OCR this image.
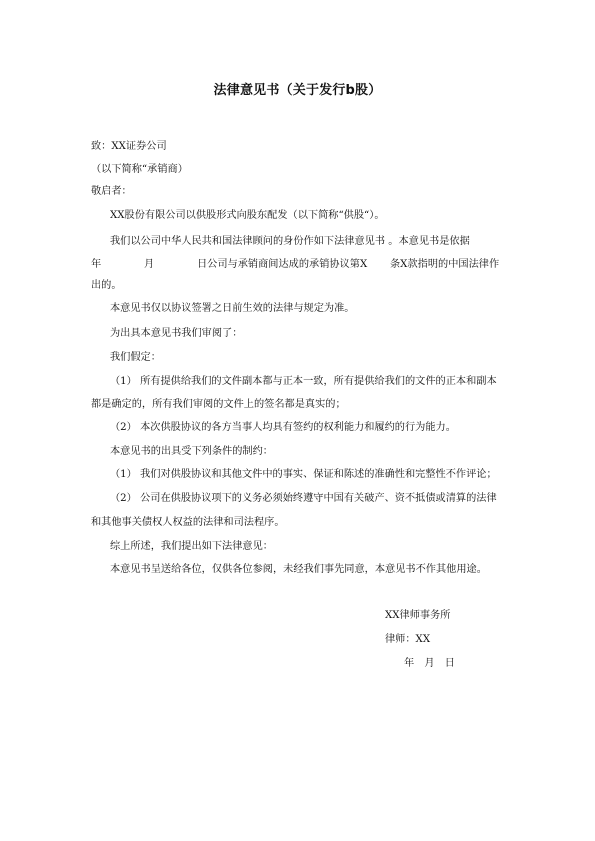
法律意见书（关于发行b股）
致：XX证券公司
（以下简称“承销商）
敬启者：
XX股份有限公司以供股形式向股东配发（以下简称“供股“）。
我们以公司中华人民共和国法律顾问的身份作如下法律意见书 。本意见书是依据
年	月	日公司与承销商间达成的承销协议第X 条X款指明的中国法律作
出的。
本意见书仅以协议签署之日前生效的法律与规定为准。
为出具本意见书我们审阅了：
我们假定：
（1） 所有提供给我们的文件副本都与正本一致，所有提供给我们的文件的正本和副本
都是确定的，所有我们审阅的文件上的签名都是真实的；
（2） 本次供股协议的各方当事人均具有签约的权利能力和履约的行为能力。
本意见书的出具受下列条件的制约：
（1） 我们对供股协议和其他文件中的事实、保证和陈述的准确性和完整性不作评论；
（2） 公司在供股协议项下的义务必须始终遵守中国有关破产、资不抵债或清算的法律
和其他事关债权人权益的法律和司法程序。
综上所述，我们提出如下法律意见：
本意见书呈送给各位，仅供各位参阅，未经我们事先同意，本意见书不作其他用途。
XX律师事务所
律师：XX
年　月　日
